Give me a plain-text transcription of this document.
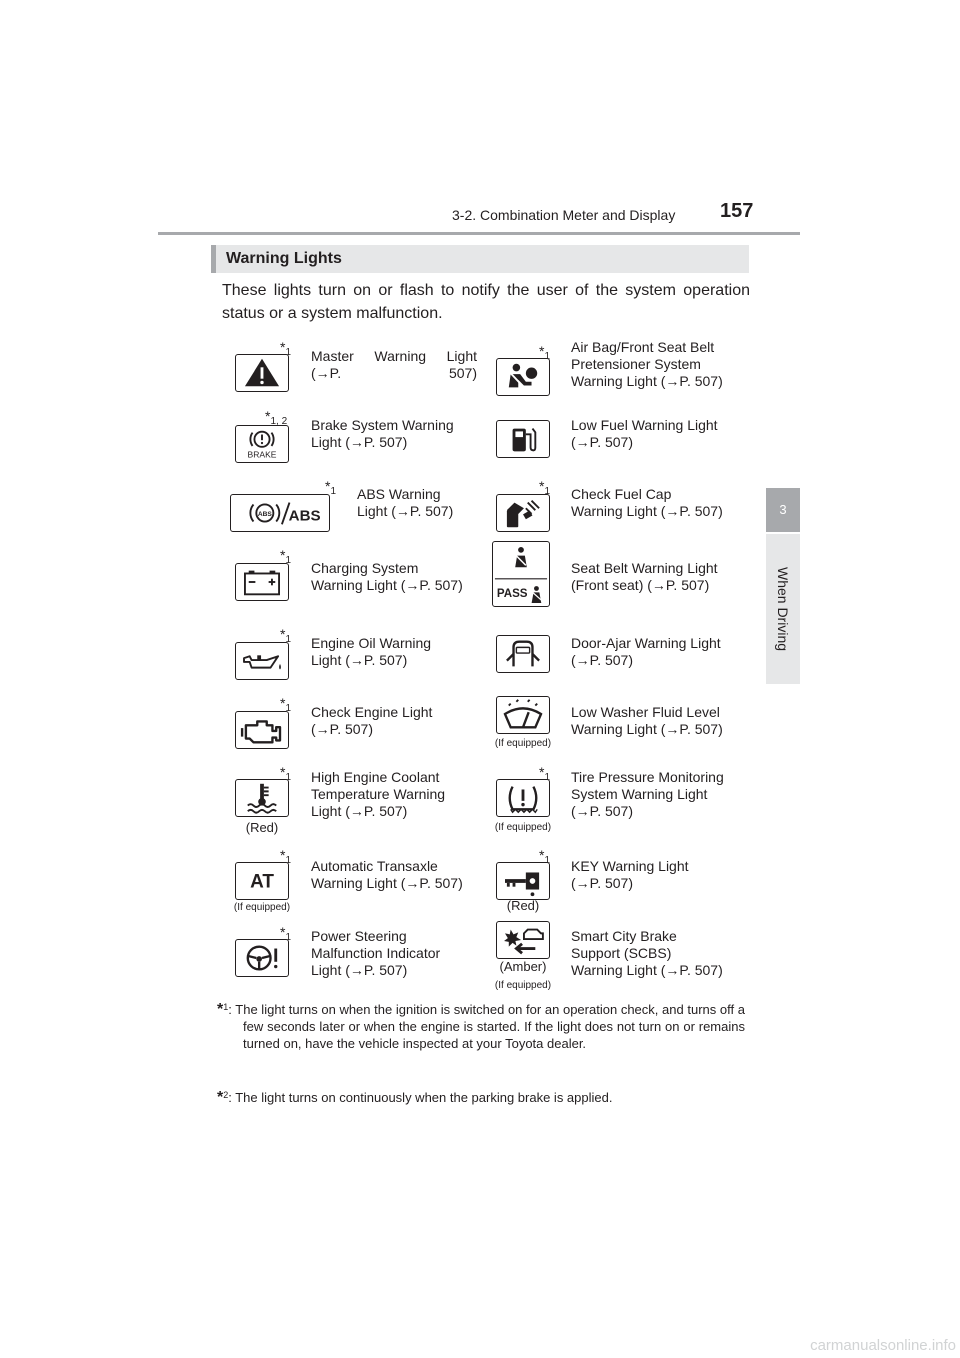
3-2. Combination Meter and Display 157
3
When Driving
Warning Lights
These lights turn on or flash to notify the user of the system operation status or a system malfunction.
$*_1$ Master Warning Light
(→P. 507)
$*_1$
Air Bag/Front Seat Belt
Pretensioner System
Warning Light (→P. 507)
BRAKE
$*_{1, 2}$ Brake System Warning
Light (→P. 507)
Low Fuel Warning Light
(→P. 507)
ABS ABS
$*_1$ ABS Warning
Light (→P. 507)
$*_1$ Check Fuel Cap
Warning Light (→P. 507)
$*_1$ Charging System
Warning Light (→P. 507)
PASS
Seat Belt Warning Light
(Front seat) (→P. 507)
$*_1$ Engine Oil Warning
Light (→P. 507)
Door-Ajar Warning Light
(→P. 507)
$*_1$ Check Engine Light
(→P. 507)
(If equipped)
Low Washer Fluid Level
Warning Light (→P. 507)
(Red)
$*_1$ High Engine Coolant
Temperature Warning
Light (→P. 507)
(If equipped)
$*_1$ Tire Pressure Monitoring
System Warning Light
(→P. 507)
AT
(If equipped)
$*_1$ Automatic Transaxle
Warning Light (→P. 507)
(Red)
$*_1$ KEY Warning Light
(→P. 507)
$*_1$ Power Steering
Malfunction Indicator
Light (→P. 507)	(Amber)
(If equipped)
Smart City Brake
Support (SCBS)
Warning Light (→P. 507)
*$^1$: The light turns on when the ignition is switched on for an operation check, and turns off a few seconds later or when the engine is started. If the light does not turn on or remains turned on, have the vehicle inspected at your Toyota dealer.
*$^2$: The light turns on continuously when the parking brake is applied.
carmanualsonline.info
